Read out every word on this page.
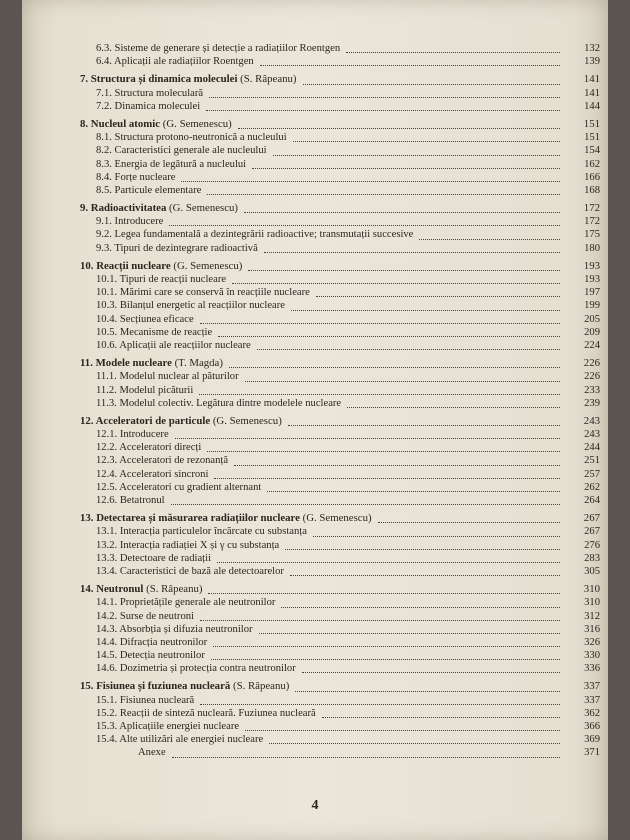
6.3. Sisteme de generare și detecție a radiațiilor Roentgen	132
6.4. Aplicații ale radiațiilor Roentgen	139
7. Structura și dinamica moleculei (S. Râpeanu)	141
7.1. Structura moleculară	141
7.2. Dinamica moleculei	144
8. Nucleul atomic (G. Semenescu)	151
8.1. Structura protono-neutronică a nucleului	151
8.2. Caracteristici generale ale nucleului	154
8.3. Energia de legătură a nucleului	162
8.4. Forțe nucleare	166
8.5. Particule elementare	168
9. Radioactivitatea (G. Semenescu)	172
9.1. Introducere	172
9.2. Legea fundamentală a dezintegrării radioactive; transmutații succesive	175
9.3. Tipuri de dezintegrare radioactivă	180
10. Reacții nucleare (G. Semenescu)	193
10.1. Tipuri de reacții nucleare	193
10.1. Mărimi care se conservă în reacțiile nucleare	197
10.3. Bilanțul energetic al reacțiilor nucleare	199
10.4. Secțiunea eficace	205
10.5. Mecanisme de reacție	209
10.6. Aplicații ale reacțiilor nucleare	224
11. Modele nucleare (T. Magda)	226
11.1. Modelul nuclear al păturilor	226
11.2. Modelul picăturii	233
11.3. Modelul colectiv. Legătura dintre modelele nucleare	239
12. Acceleratori de particule (G. Semenescu)	243
12.1. Introducere	243
12.2. Acceleratori direcți	244
12.3. Acceleratori de rezonanță	251
12.4. Acceleratori sincroni	257
12.5. Acceleratori cu gradient alternant	262
12.6. Betatronul	264
13. Detectarea și măsurarea radiațiilor nucleare (G. Semenescu)	267
13.1. Interacția particulelor încărcate cu substanța	267
13.2. Interacția radiației X și γ cu substanța	276
13.3. Detectoare de radiații	283
13.4. Caracteristici de bază ale detectoarelor	305
14. Neutronul (S. Râpeanu)	310
14.1. Proprietățile generale ale neutronilor	310
14.2. Surse de neutroni	312
14.3. Absorbția și difuzia neutronilor	316
14.4. Difracția neutronilor	326
14.5. Detecția neutronilor	330
14.6. Dozimetria și protecția contra neutronilor	336
15. Fisiunea și fuziunea nucleară (S. Râpeanu)	337
15.1. Fisiunea nucleară	337
15.2. Reacții de sinteză nucleară. Fuziunea nucleară	362
15.3. Aplicațiile energiei nucleare	366
15.4. Alte utilizări ale energiei nucleare	369
Anexe	371
4
